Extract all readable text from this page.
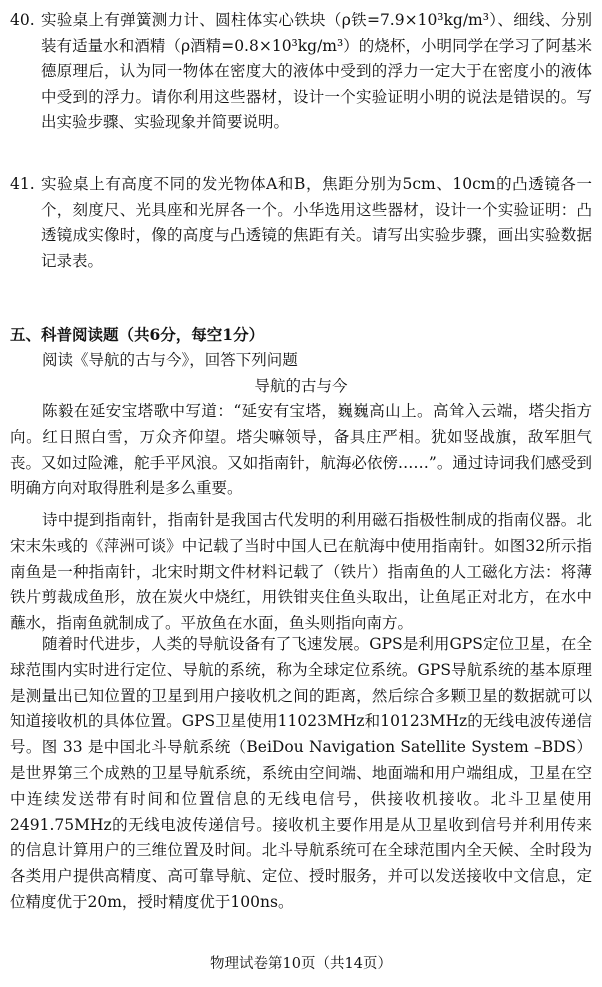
40. 实验桌上有弹簧测力计、圆柱体实心铁块（ρ铁=7.9×10³kg/m³）、细线、分别装有适量水和酒精（ρ酒精=0.8×10³kg/m³）的烧杯，小明同学在学习了阿基米德原理后，认为同一物体在密度大的液体中受到的浮力一定大于在密度小的液体中受到的浮力。请你利用这些器材，设计一个实验证明小明的说法是错误的。写出实验步骤、实验现象并简要说明。
41. 实验桌上有高度不同的发光物体A和B，焦距分别为5cm、10cm的凸透镜各一个，刻度尺、光具座和光屏各一个。小华选用这些器材，设计一个实验证明：凸透镜成实像时，像的高度与凸透镜的焦距有关。请写出实验步骤，画出实验数据记录表。
五、科普阅读题（共6分，每空1分）
阅读《导航的古与今》，回答下列问题
导航的古与今
陈毅在延安宝塔歌中写道：“延安有宝塔，巍巍高山上。高耸入云端，塔尖指方向。红日照白雪，万众齐仰望。塔尖嘛领导，备具庄严相。犹如竖战旗，敌军胆气丧。又如过险滩，舵手平风浪。又如指南针，航海必依傍……”。通过诗词我们感受到明确方向对取得胜利是多么重要。
诗中提到指南针，指南针是我国古代发明的利用磁石指极性制成的指南仪器。北宋末朱彧的《萍洲可谈》中记载了当时中国人已在航海中使用指南针。如图32所示指南鱼是一种指南针，北宋时期文件材料记载了（铁片）指南鱼的人工磁化方法：将薄铁片剪裁成鱼形，放在炭火中烧红，用铁钳夹住鱼头取出，让鱼尾正对北方，在水中蘸水，指南鱼就制成了。平放鱼在水面，鱼头则指向南方。
随着时代进步，人类的导航设备有了飞速发展。GPS是利用GPS定位卫星，在全球范围内实时进行定位、导航的系统，称为全球定位系统。GPS导航系统的基本原理是测量出已知位置的卫星到用户接收机之间的距离，然后综合多颗卫星的数据就可以知道接收机的具体位置。GPS卫星使用11023MHz和10123MHz的无线电波传递信号。图 33 是中国北斗导航系统（BeiDou Navigation Satellite System –BDS）是世界第三个成熟的卫星导航系统，系统由空间端、地面端和用户端组成，卫星在空中连续发送带有时间和位置信息的无线电信号，供接收机接收。北斗卫星使用2491.75MHz的无线电波传递信号。接收机主要作用是从卫星收到信号并利用传来的信息计算用户的三维位置及时间。北斗导航系统可在全球范围内全天候、全时段为各类用户提供高精度、高可靠导航、定位、授时服务，并可以发送接收中文信息，定位精度优于20m，授时精度优于100ns。
物理试卷第10页（共14页）
